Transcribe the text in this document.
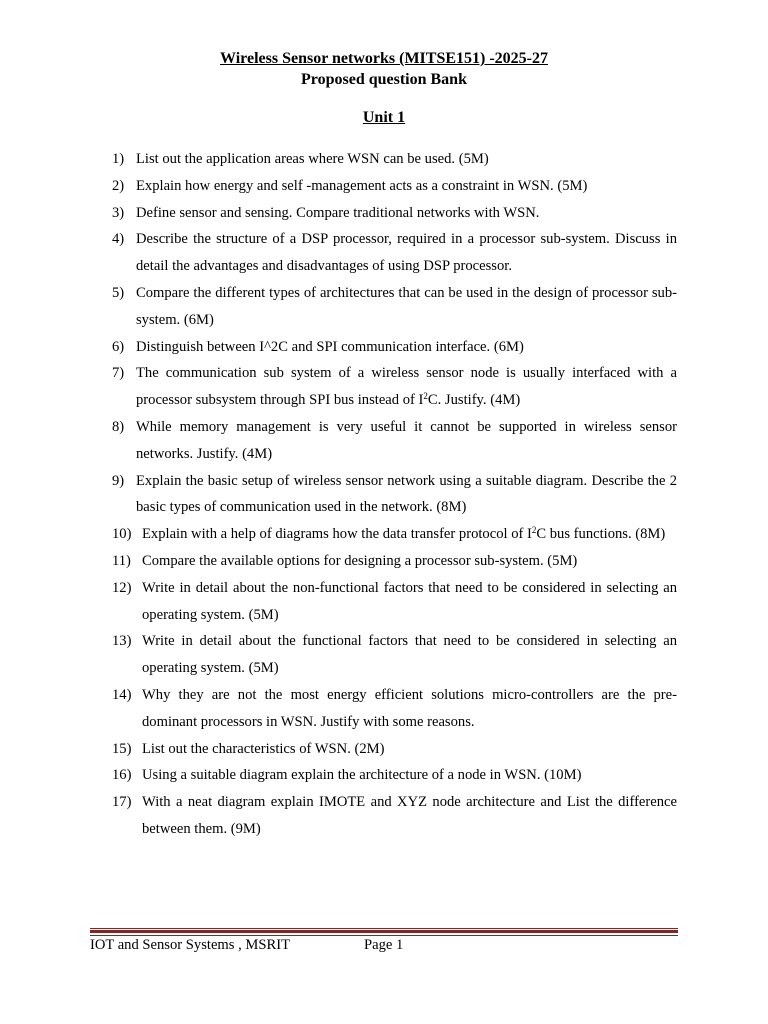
Wireless Sensor networks (MITSE151) -2025-27
Proposed question Bank
Unit 1
1) List out the application areas where WSN can be used. (5M)
2) Explain how energy and self -management acts as a constraint in WSN. (5M)
3) Define sensor and sensing. Compare traditional networks with WSN.
4) Describe the structure of a DSP processor, required in a processor sub-system. Discuss in detail the advantages and disadvantages of using DSP processor.
5) Compare the different types of architectures that can be used in the design of processor sub-system. (6M)
6) Distinguish between I^2C and SPI communication interface. (6M)
7) The communication sub system of a wireless sensor node is usually interfaced with a processor subsystem through SPI bus instead of $I^2C$. Justify. (4M)
8) While memory management is very useful it cannot be supported in wireless sensor networks. Justify. (4M)
9) Explain the basic setup of wireless sensor network using a suitable diagram. Describe the 2 basic types of communication used in the network. (8M)
10) Explain with a help of diagrams how the data transfer protocol of $I^2C$ bus functions. (8M)
11) Compare the available options for designing a processor sub-system. (5M)
12) Write in detail about the non-functional factors that need to be considered in selecting an operating system. (5M)
13) Write in detail about the functional factors that need to be considered in selecting an operating system. (5M)
14) Why they are not the most energy efficient solutions micro-controllers are the pre-dominant processors in WSN. Justify with some reasons.
15) List out the characteristics of WSN. (2M)
16) Using a suitable diagram explain the architecture of a node in WSN. (10M)
17) With a neat diagram explain IMOTE and XYZ node architecture and List the difference between them. (9M)
IOT and Sensor Systems , MSRIT	Page 1
